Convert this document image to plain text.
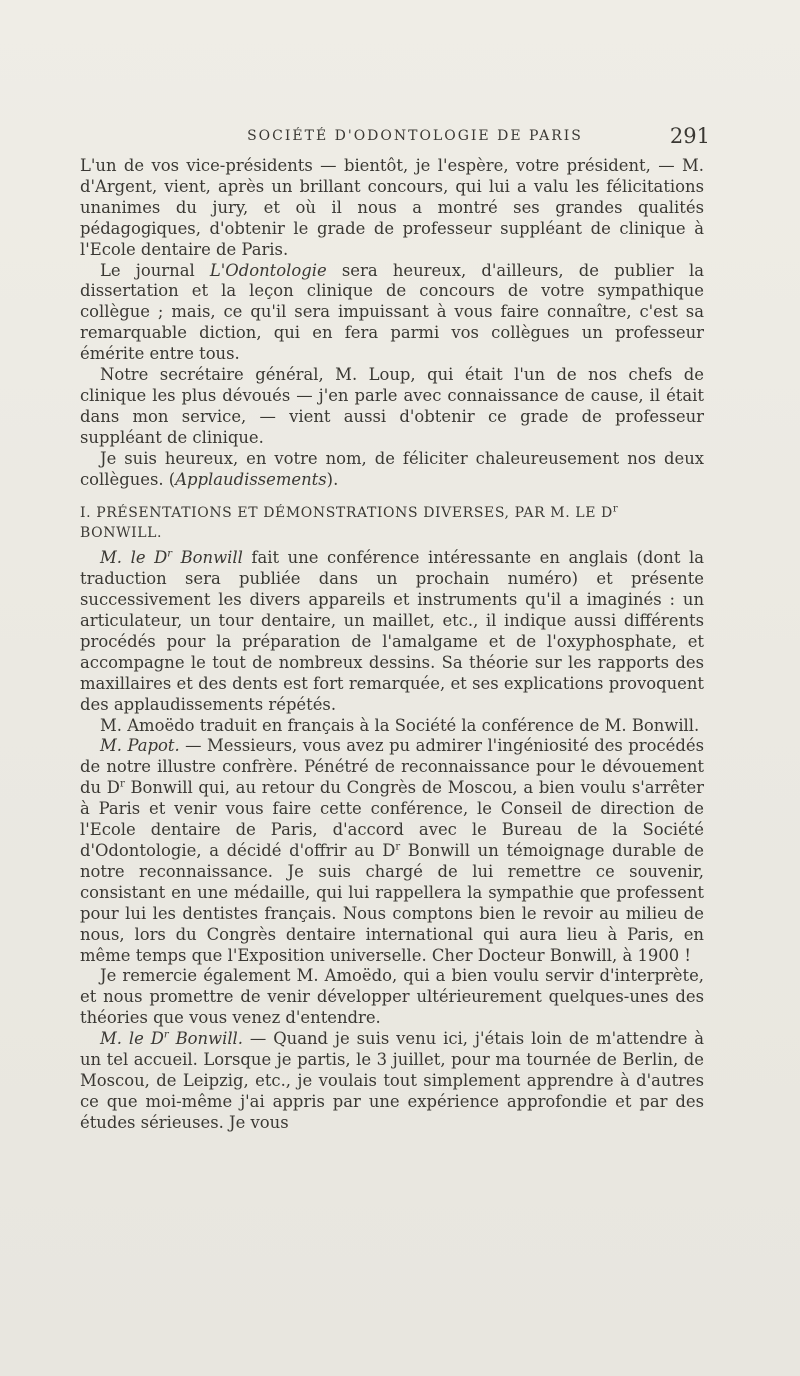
SOCIÉTÉ D'ODONTOLOGIE DE PARIS	291

L'un de vos vice-présidents — bientôt, je l'espère, votre président, — M. d'Argent, vient, après un brillant concours, qui lui a valu les félicitations unanimes du jury, et où il nous a montré ses grandes qualités pédagogiques, d'obtenir le grade de professeur suppléant de clinique à l'Ecole dentaire de Paris.

Le journal L'Odontologie sera heureux, d'ailleurs, de publier la dissertation et la leçon clinique de concours de votre sympathique collègue ; mais, ce qu'il sera impuissant à vous faire connaître, c'est sa remarquable diction, qui en fera parmi vos collègues un professeur émérite entre tous.

Notre secrétaire général, M. Loup, qui était l'un de nos chefs de clinique les plus dévoués — j'en parle avec connaissance de cause, il était dans mon service, — vient aussi d'obtenir ce grade de professeur suppléant de clinique.

Je suis heureux, en votre nom, de féliciter chaleureusement nos deux collègues. (Applaudissements).

I. PRÉSENTATIONS ET DÉMONSTRATIONS DIVERSES, PAR M. LE $D^r$ BONWILL.

M. le $D^r$ Bonwill fait une conférence intéressante en anglais (dont la traduction sera publiée dans un prochain numéro) et présente successivement les divers appareils et instruments qu'il a imaginés : un articulateur, un tour dentaire, un maillet, etc., il indique aussi différents procédés pour la préparation de l'amalgame et de l'oxyphosphate, et accompagne le tout de nombreux dessins. Sa théorie sur les rapports des maxillaires et des dents est fort remarquée, et ses explications provoquent des applaudissements répétés.

M. Amoëdo traduit en français à la Société la conférence de M. Bonwill.

M. Papot. — Messieurs, vous avez pu admirer l'ingéniosité des procédés de notre illustre confrère. Pénétré de reconnaissance pour le dévouement du $D^r$ Bonwill qui, au retour du Congrès de Moscou, a bien voulu s'arrêter à Paris et venir vous faire cette conférence, le Conseil de direction de l'Ecole dentaire de Paris, d'accord avec le Bureau de la Société d'Odontologie, a décidé d'offrir au $D^r$ Bonwill un témoignage durable de notre reconnaissance. Je suis chargé de lui remettre ce souvenir, consistant en une médaille, qui lui rappellera la sympathie que professent pour lui les dentistes français. Nous comptons bien le revoir au milieu de nous, lors du Congrès dentaire international qui aura lieu à Paris, en même temps que l'Exposition universelle. Cher Docteur Bonwill, à 1900 !

Je remercie également M. Amoëdo, qui a bien voulu servir d'interprète, et nous promettre de venir développer ultérieurement quelques-unes des théories que vous venez d'entendre.

M. le $D^r$ Bonwill. — Quand je suis venu ici, j'étais loin de m'attendre à un tel accueil. Lorsque je partis, le 3 juillet, pour ma tournée de Berlin, de Moscou, de Leipzig, etc., je voulais tout simplement apprendre à d'autres ce que moi-même j'ai appris par une expérience approfondie et par des études sérieuses. Je vous
